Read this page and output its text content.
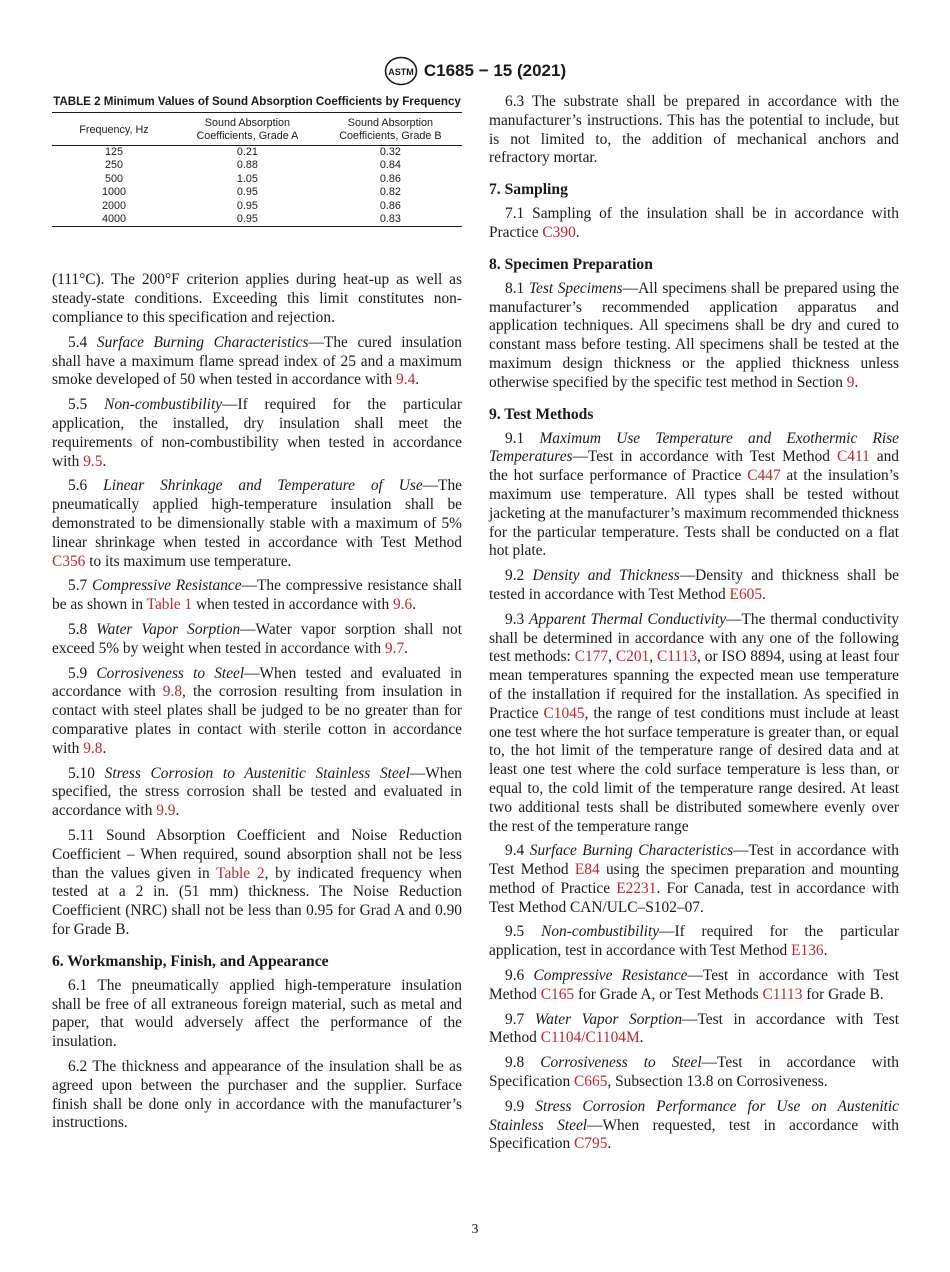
ASTM C1685 − 15 (2021)
TABLE 2 Minimum Values of Sound Absorption Coefficients by Frequency
Frequency, Hz	Sound Absorption Coefficients, Grade A	Sound Absorption Coefficients, Grade B
125	0.21	0.32
250	0.88	0.84
500	1.05	0.86
1000	0.95	0.82
2000	0.95	0.86
4000	0.95	0.83

(111°C). The 200°F criterion applies during heat-up as well as steady-state conditions. Exceeding this limit constitutes non-compliance to this specification and rejection.

5.4 Surface Burning Characteristics—The cured insulation shall have a maximum flame spread index of 25 and a maximum smoke developed of 50 when tested in accordance with 9.4.

5.5 Non-combustibility—If required for the particular application, the installed, dry insulation shall meet the requirements of non-combustibility when tested in accordance with 9.5.

5.6 Linear Shrinkage and Temperature of Use—The pneumatically applied high-temperature insulation shall be demonstrated to be dimensionally stable with a maximum of 5% linear shrinkage when tested in accordance with Test Method C356 to its maximum use temperature.

5.7 Compressive Resistance—The compressive resistance shall be as shown in Table 1 when tested in accordance with 9.6.

5.8 Water Vapor Sorption—Water vapor sorption shall not exceed 5% by weight when tested in accordance with 9.7.

5.9 Corrosiveness to Steel—When tested and evaluated in accordance with 9.8, the corrosion resulting from insulation in contact with steel plates shall be judged to be no greater than for comparative plates in contact with sterile cotton in accordance with 9.8.

5.10 Stress Corrosion to Austenitic Stainless Steel—When specified, the stress corrosion shall be tested and evaluated in accordance with 9.9.

5.11 Sound Absorption Coefficient and Noise Reduction Coefficient – When required, sound absorption shall not be less than the values given in Table 2, by indicated frequency when tested at a 2 in. (51 mm) thickness. The Noise Reduction Coefficient (NRC) shall not be less than 0.95 for Grad A and 0.90 for Grade B.

6. Workmanship, Finish, and Appearance

6.1 The pneumatically applied high-temperature insulation shall be free of all extraneous foreign material, such as metal and paper, that would adversely affect the performance of the insulation.

6.2 The thickness and appearance of the insulation shall be as agreed upon between the purchaser and the supplier. Surface finish shall be done only in accordance with the manufacturer’s instructions.

6.3 The substrate shall be prepared in accordance with the manufacturer’s instructions. This has the potential to include, but is not limited to, the addition of mechanical anchors and refractory mortar.

7. Sampling

7.1 Sampling of the insulation shall be in accordance with Practice C390.

8. Specimen Preparation

8.1 Test Specimens—All specimens shall be prepared using the manufacturer’s recommended application apparatus and application techniques. All specimens shall be dry and cured to constant mass before testing. All specimens shall be tested at the maximum design thickness or the applied thickness unless otherwise specified by the specific test method in Section 9.

9. Test Methods

9.1 Maximum Use Temperature and Exothermic Rise Temperatures—Test in accordance with Test Method C411 and the hot surface performance of Practice C447 at the insulation’s maximum use temperature. All types shall be tested without jacketing at the manufacturer’s maximum recommended thickness for the particular temperature. Tests shall be conducted on a flat hot plate.

9.2 Density and Thickness—Density and thickness shall be tested in accordance with Test Method E605.

9.3 Apparent Thermal Conductivity—The thermal conductivity shall be determined in accordance with any one of the following test methods: C177, C201, C1113, or ISO 8894, using at least four mean temperatures spanning the expected mean use temperature of the installation if required for the installation. As specified in Practice C1045, the range of test conditions must include at least one test where the hot surface temperature is greater than, or equal to, the hot limit of the temperature range of desired data and at least one test where the cold surface temperature is less than, or equal to, the cold limit of the temperature range desired. At least two additional tests shall be distributed somewhere evenly over the rest of the temperature range

9.4 Surface Burning Characteristics—Test in accordance with Test Method E84 using the specimen preparation and mounting method of Practice E2231. For Canada, test in accordance with Test Method CAN/ULC–S102–07.

9.5 Non-combustibility—If required for the particular application, test in accordance with Test Method E136.

9.6 Compressive Resistance—Test in accordance with Test Method C165 for Grade A, or Test Methods C1113 for Grade B.

9.7 Water Vapor Sorption—Test in accordance with Test Method C1104/C1104M.

9.8 Corrosiveness to Steel—Test in accordance with Specification C665, Subsection 13.8 on Corrosiveness.

9.9 Stress Corrosion Performance for Use on Austenitic Stainless Steel—When requested, test in accordance with Specification C795.

3
